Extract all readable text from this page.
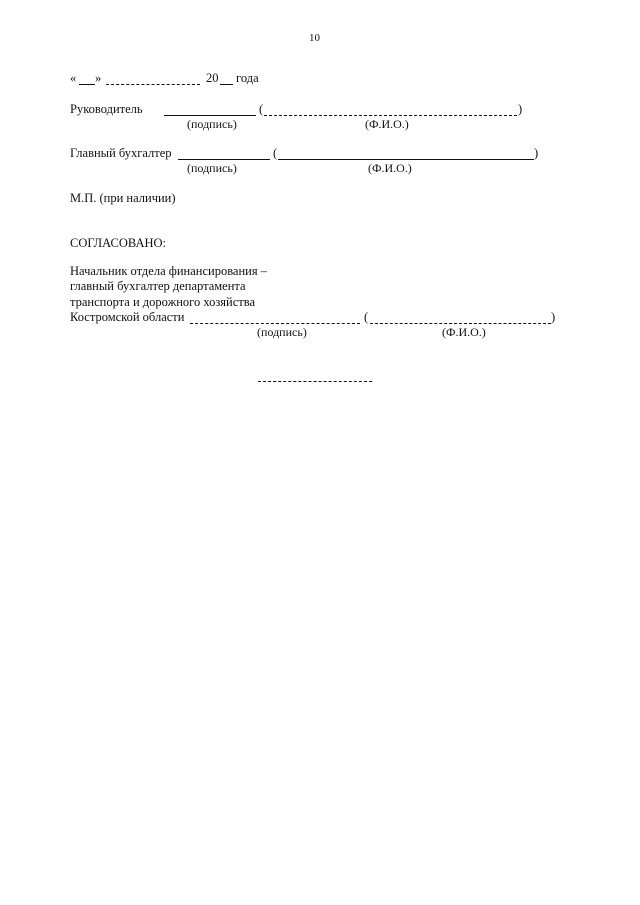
10
« »	20 года
Руководитель	(	)
(подпись)	(Ф.И.О.)
Главный бухгалтер	(	)
(подпись)	(Ф.И.О.)
М.П. (при наличии)
СОГЛАСОВАНО:
Начальник отдела финансирования –
главный бухгалтер департамента
транспорта и дорожного хозяйства
Костромской области	(	)
(подпись)	(Ф.И.О.)
